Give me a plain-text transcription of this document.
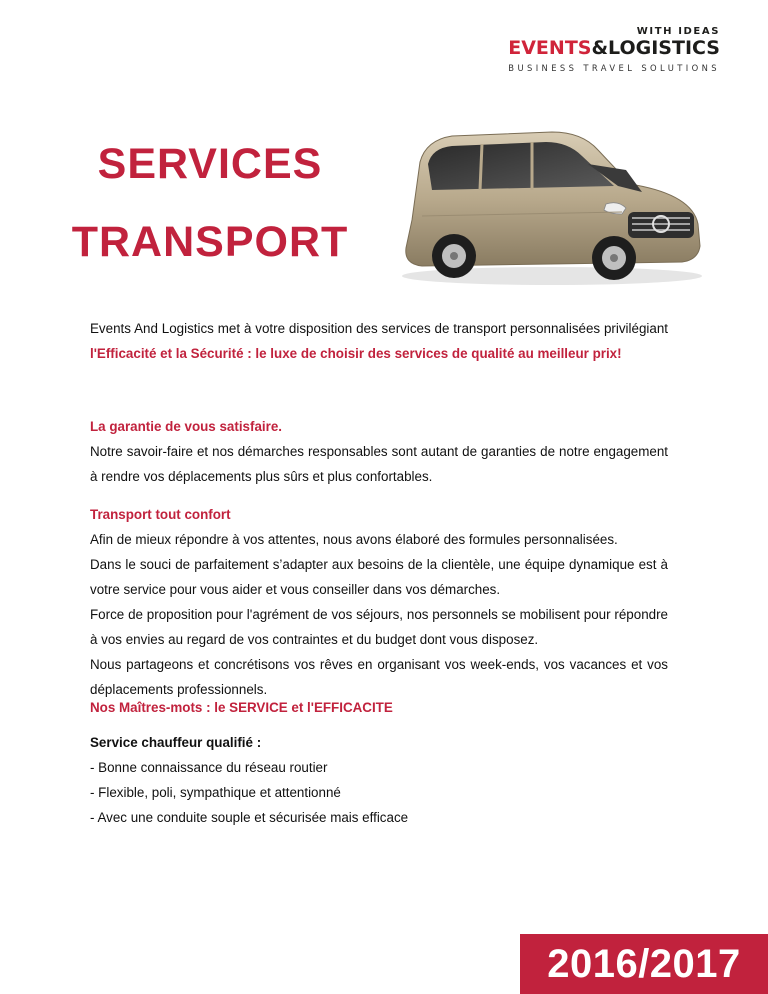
WITH IDEAS
EVENTS&LOGISTICS
BUSINESS TRAVEL SOLUTIONS
SERVICES
TRANSPORT
Events And Logistics met à votre disposition des services de transport personnalisées privilégiant l'Efficacité et la Sécurité : le luxe de choisir des services de qualité au meilleur prix!
La garantie de vous satisfaire.
Notre savoir-faire et nos démarches responsables sont autant de garanties de notre engagement à rendre vos déplacements plus sûrs et plus confortables.
Transport tout confort
Afin de mieux répondre à vos attentes, nous avons élaboré des formules personnalisées.
Dans le souci de parfaitement s’adapter aux besoins de la clientèle, une équipe dynamique est à votre service pour vous aider et vous conseiller dans vos démarches.
Force de proposition pour l'agrément de vos séjours, nos personnels se mobilisent pour répondre à vos envies au regard de vos contraintes et du budget dont vous disposez.
Nous partageons et concrétisons vos rêves en organisant vos week-ends, vos vacances et vos déplacements professionnels.
Nos Maîtres-mots : le SERVICE et l'EFFICACITE
Service chauffeur qualifié :
- Bonne connaissance du réseau routier
- Flexible, poli, sympathique et attentionné
- Avec une conduite souple et sécurisée mais efficace
2016/2017
